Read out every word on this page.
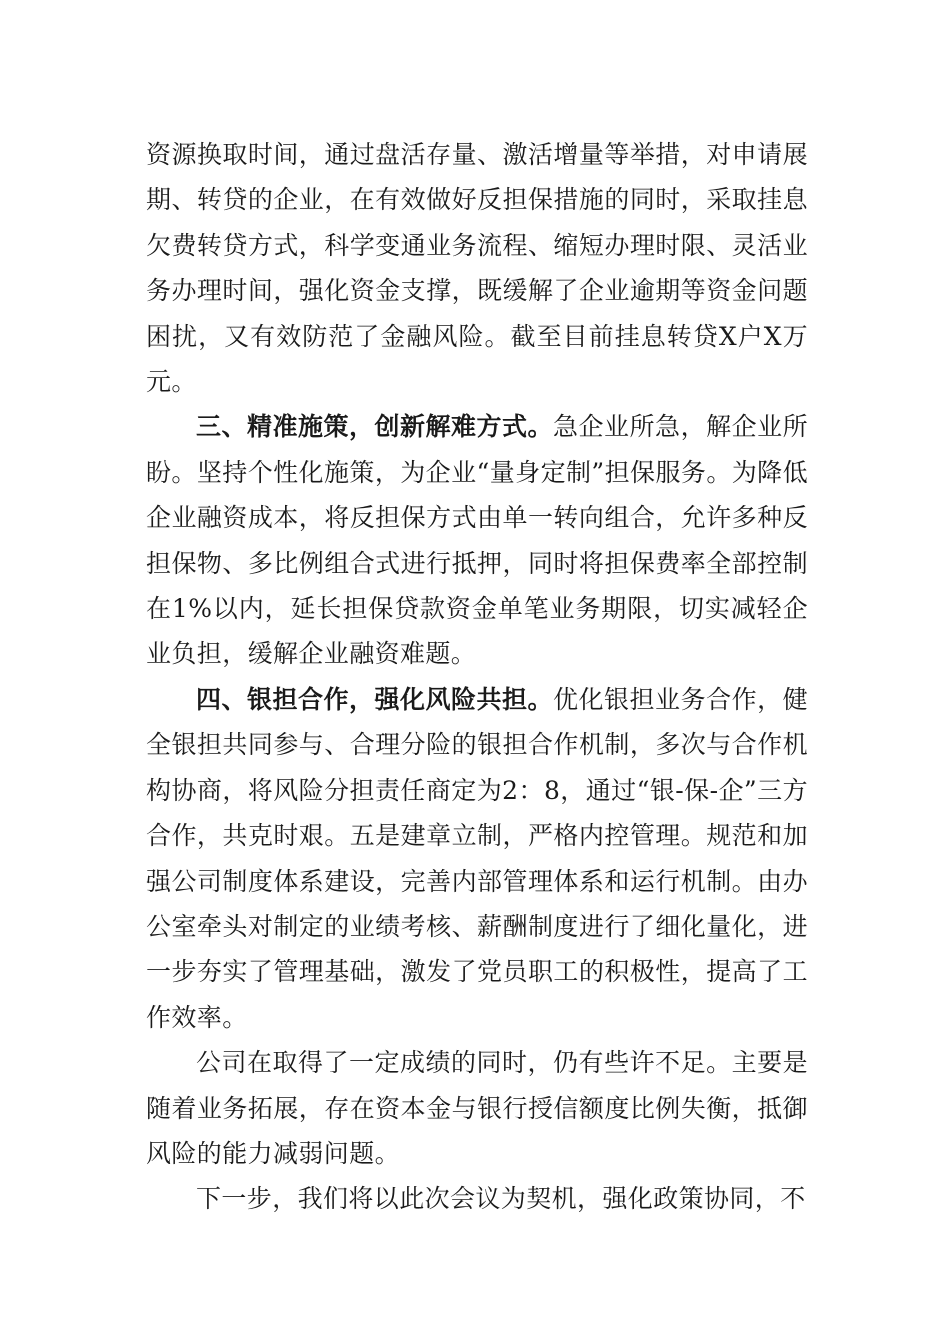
资源换取时间，通过盘活存量、激活增量等举措，对申请展期、转贷的企业，在有效做好反担保措施的同时，采取挂息欠费转贷方式，科学变通业务流程、缩短办理时限、灵活业务办理时间，强化资金支撑，既缓解了企业逾期等资金问题困扰，又有效防范了金融风险。截至目前挂息转贷X户X万元。

三、精准施策，创新解难方式。急企业所急，解企业所盼。坚持个性化施策，为企业“量身定制”担保服务。为降低企业融资成本，将反担保方式由单一转向组合，允许多种反担保物、多比例组合式进行抵押，同时将担保费率全部控制在1%以内，延长担保贷款资金单笔业务期限，切实减轻企业负担，缓解企业融资难题。

四、银担合作，强化风险共担。优化银担业务合作，健全银担共同参与、合理分险的银担合作机制，多次与合作机构协商，将风险分担责任商定为2：8，通过“银-保-企”三方合作，共克时艰。五是建章立制，严格内控管理。规范和加强公司制度体系建设，完善内部管理体系和运行机制。由办公室牵头对制定的业绩考核、薪酬制度进行了细化量化，进一步夯实了管理基础，激发了党员职工的积极性，提高了工作效率。

公司在取得了一定成绩的同时，仍有些许不足。主要是随着业务拓展，存在资本金与银行授信额度比例失衡，抵御风险的能力减弱问题。

下一步，我们将以此次会议为契机，强化政策协同，不
